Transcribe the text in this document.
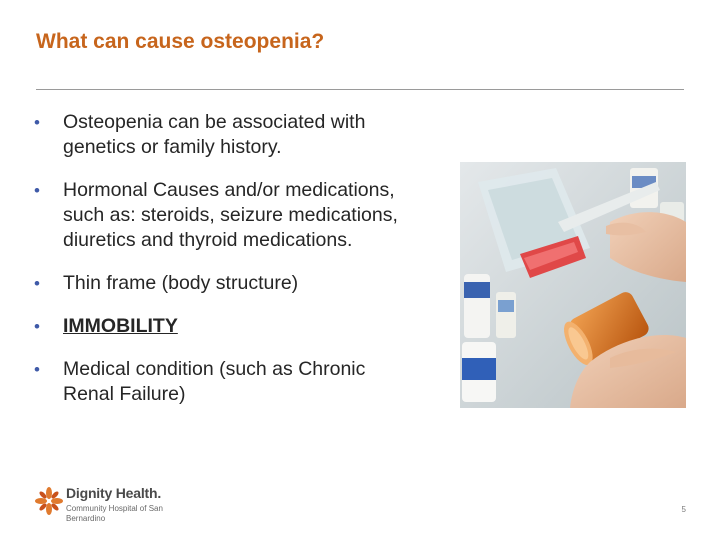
What can cause osteopenia?
• Osteopenia can be associated with genetics or family history.
• Hormonal Causes and/or medications, such as: steroids, seizure medications, diuretics and thyroid medications.
• Thin frame (body structure)
• IMMOBILITY
• Medical condition (such as Chronic Renal Failure)
Dignity Health.
Community Hospital of San Bernardino
5
